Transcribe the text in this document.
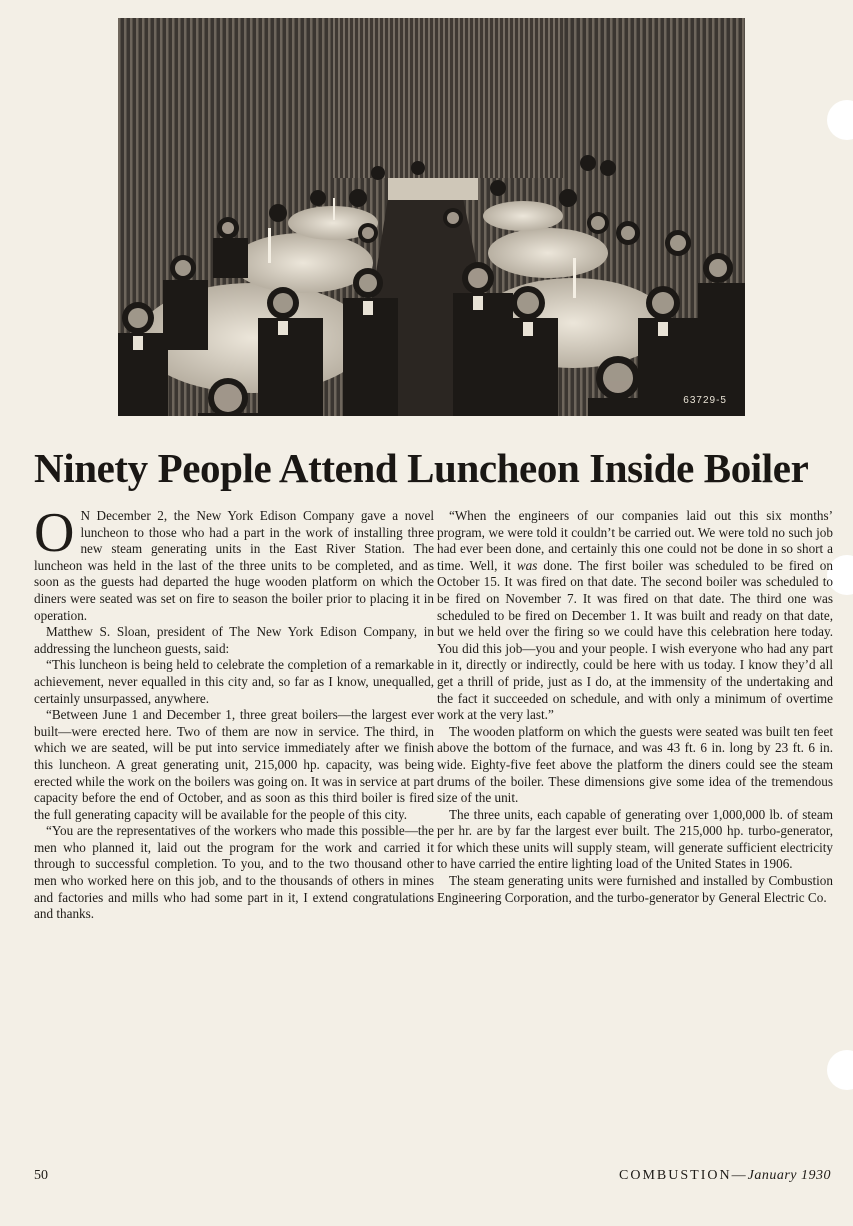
63729-5
Ninety People Attend Luncheon Inside Boiler

O N December 2, the New York Edison Company gave a novel luncheon to those who had a part in the work of installing three new steam generating units in the East River Station. The luncheon was held in the last of the three units to be completed, and as soon as the guests had departed the huge wooden platform on which the diners were seated was set on fire to season the boiler prior to placing it in operation.

Matthew S. Sloan, president of The New York Edison Company, in addressing the luncheon guests, said:

“This luncheon is being held to celebrate the completion of a remarkable achievement, never equalled in this city and, so far as I know, unequalled, certainly unsurpassed, anywhere.

“Between June 1 and December 1, three great boilers—the largest ever built—were erected here. Two of them are now in service. The third, in which we are seated, will be put into service immediately after we finish this luncheon. A great generating unit, 215,000 hp. capacity, was being erected while the work on the boilers was going on. It was in service at part capacity before the end of October, and as soon as this third boiler is fired the full generating capacity will be available for the people of this city.

“You are the representatives of the workers who made this possible—the men who planned it, laid out the program for the work and carried it through to successful completion. To you, and to the two thousand other men who worked here on this job, and to the thousands of others in mines and factories and mills who had some part in it, I extend congratulations and thanks.

“When the engineers of our companies laid out this six months’ program, we were told it couldn’t be carried out. We were told no such job had ever been done, and certainly this one could not be done in so short a time. Well, it was done. The first boiler was scheduled to be fired on October 15. It was fired on that date. The second boiler was scheduled to be fired on November 7. It was fired on that date. The third one was scheduled to be fired on December 1. It was built and ready on that date, but we held over the firing so we could have this celebration here today. You did this job—you and your people. I wish everyone who had any part in it, directly or indirectly, could be here with us today. I know they’d all get a thrill of pride, just as I do, at the immensity of the undertaking and the fact it succeeded on schedule, and with only a minimum of overtime work at the very last.”

The wooden platform on which the guests were seated was built ten feet above the bottom of the furnace, and was 43 ft. 6 in. long by 23 ft. 6 in. wide. Eighty-five feet above the platform the diners could see the steam drums of the boiler. These dimensions give some idea of the tremendous size of the unit.

The three units, each capable of generating over 1,000,000 lb. of steam per hr. are by far the largest ever built. The 215,000 hp. turbo-generator, for which these units will supply steam, will generate sufficient electricity to have carried the entire lighting load of the United States in 1906.

The steam generating units were furnished and installed by Combustion Engineering Corporation, and the turbo-generator by General Electric Co.

50	COMBUSTION—January 1930
